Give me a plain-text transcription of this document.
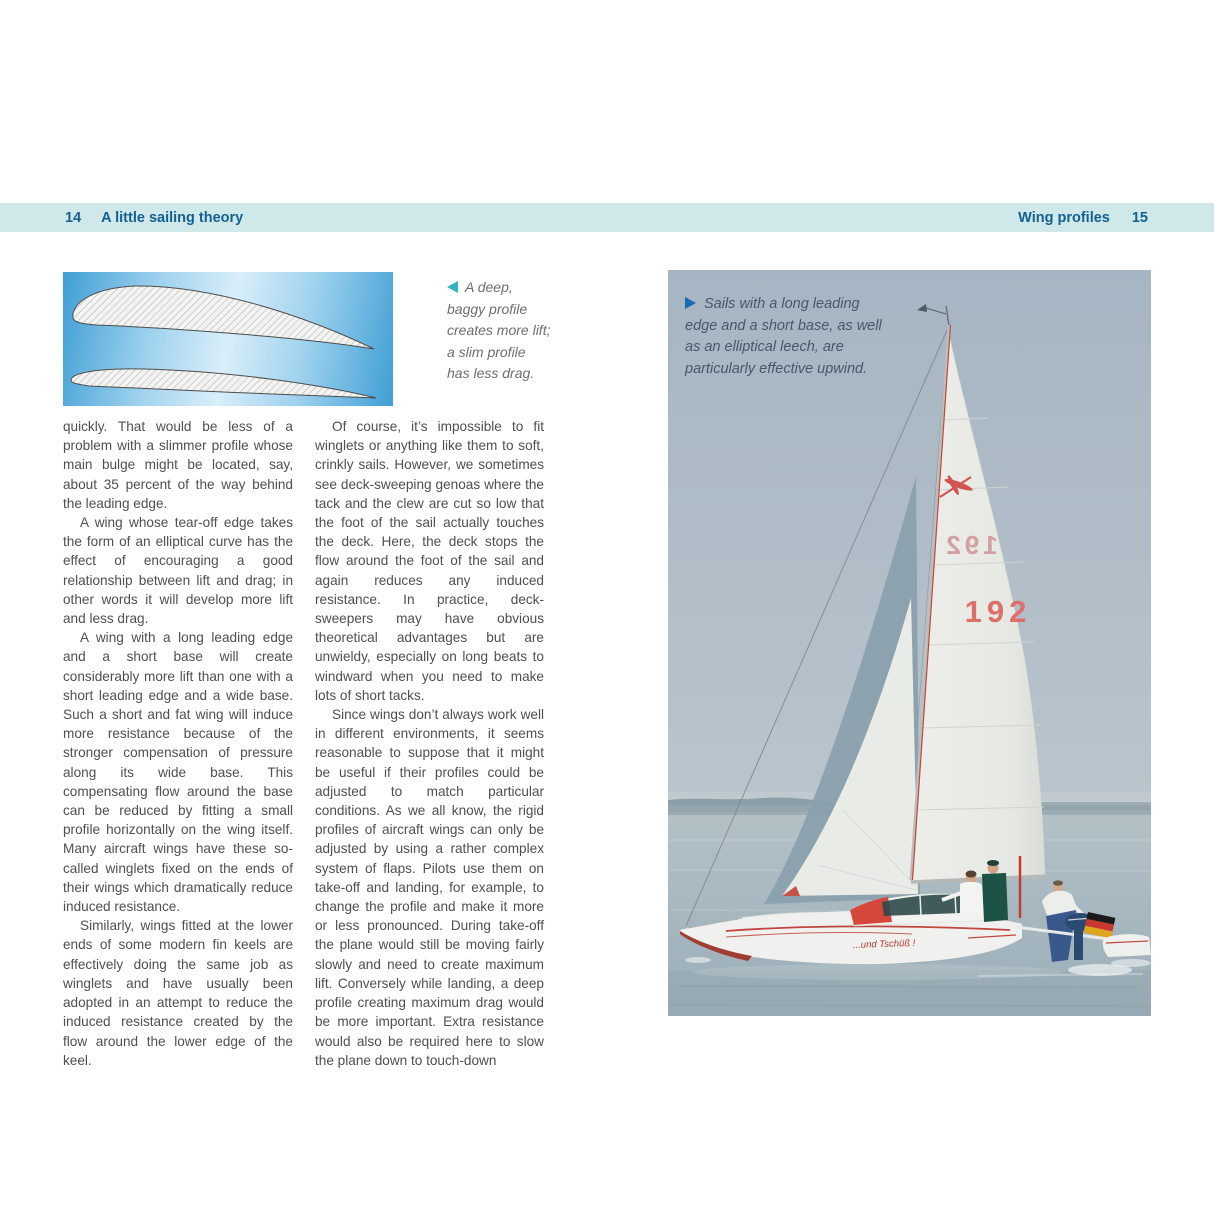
14 A little sailing theory	Wing profiles 15
A deep,
baggy profile
creates more lift;
a slim profile
has less drag.

quickly. That would be less of a problem with a slimmer profile whose main bulge might be located, say, about 35 percent of the way behind the leading edge.

A wing whose tear-off edge takes the form of an elliptical curve has the effect of encouraging a good relationship between lift and drag; in other words it will develop more lift and less drag.

A wing with a long leading edge and a short base will create considerably more lift than one with a short leading edge and a wide base. Such a short and fat wing will induce more resistance because of the stronger compensation of pressure along its wide base. This compensating flow around the base can be reduced by fitting a small profile horizontally on the wing itself. Many aircraft wings have these so-called winglets fixed on the ends of their wings which dramatically reduce induced resistance.

Similarly, wings fitted at the lower ends of some modern fin keels are effectively doing the same job as winglets and have usually been adopted in an attempt to reduce the induced resistance created by the flow around the lower edge of the keel.

Of course, it’s impossible to fit winglets or anything like them to soft, crinkly sails. However, we sometimes see deck-sweeping genoas where the tack and the clew are cut so low that the foot of the sail actually touches the deck. Here, the deck stops the flow around the foot of the sail and again reduces any induced resistance. In practice, deck-sweepers may have obvious theoretical advantages but are unwieldy, especially on long beats to windward when you need to make lots of short tacks.

Since wings don’t always work well in different environments, it seems reasonable to suppose that it might be useful if their profiles could be adjusted to match particular conditions. As we all know, the rigid profiles of aircraft wings can only be adjusted by using a rather complex system of flaps. Pilots use them on take-off and landing, for example, to change the profile and make it more or less pronounced. During take-off the plane would still be moving fairly slowly and need to create maximum lift. Conversely while landing, a deep profile creating maximum drag would be more important. Extra resistance would also be required here to slow the plane down to touch-down

192
192
...und Tschüß !
Sails with a long leading
edge and a short base, as well
as an elliptical leech, are
particularly effective upwind.
